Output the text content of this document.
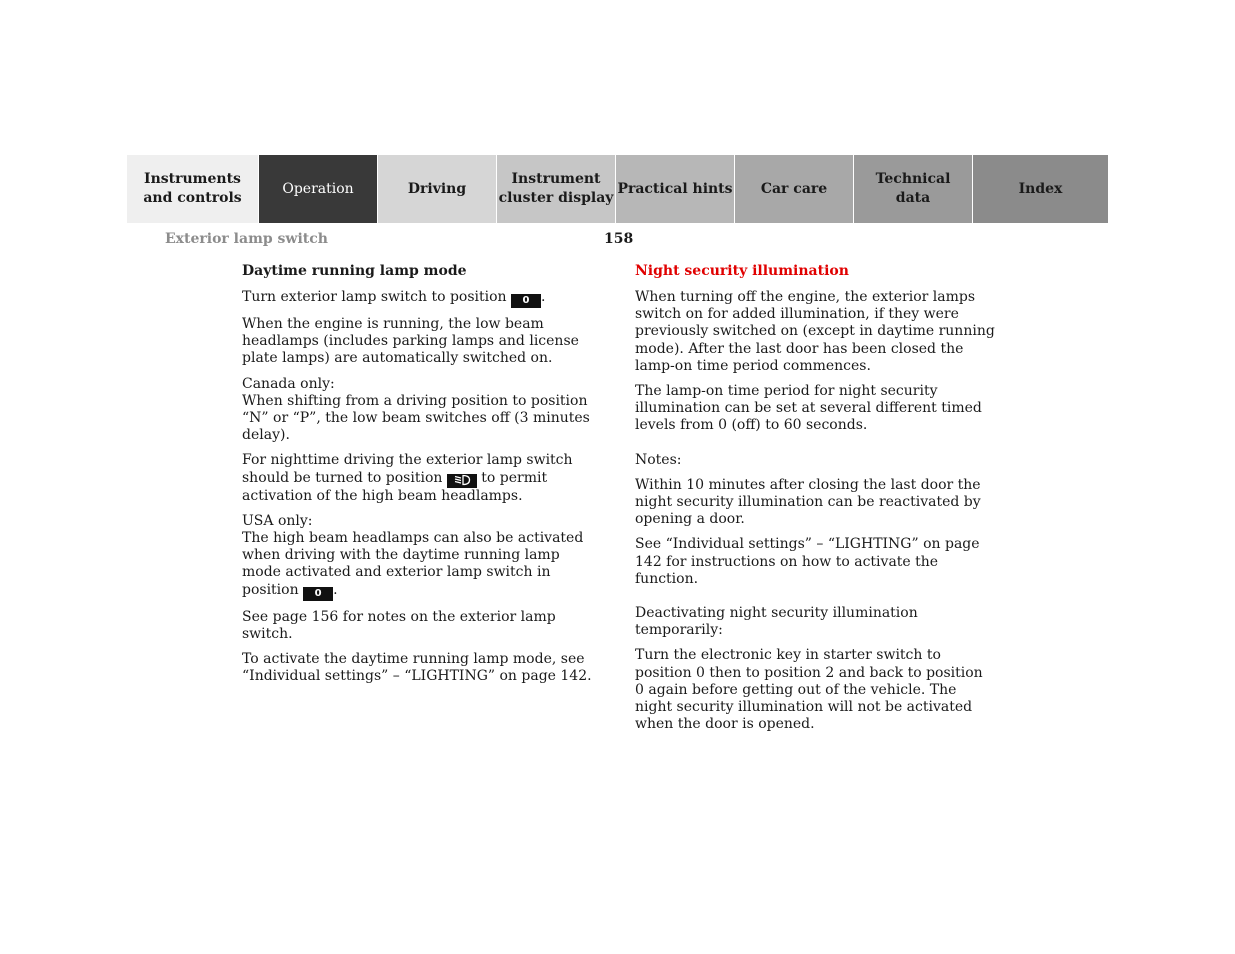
Instruments
and controls
Operation	Driving
Instrument
cluster display
Practical hints Car care
Technical
data
Index
Exterior lamp switch	158
Daytime running lamp mode

Turn exterior lamp switch to position 0 .

When the engine is running, the low beam headlamps (includes parking lamps and license plate lamps) are automatically switched on.

Canada only:
When shifting from a driving position to position “N” or “P”, the low beam switches off (3 minutes delay).

For nighttime driving the exterior lamp switch should be turned to position	to permit activation of the high beam headlamps.

USA only:
The high beam headlamps can also be activated when driving with the daytime running lamp mode activated and exterior lamp switch in position 0 .

See page 156 for notes on the exterior lamp switch.

To activate the daytime running lamp mode, see “Individual settings” – “LIGHTING” on page 142.

Night security illumination

When turning off the engine, the exterior lamps switch on for added illumination, if they were previously switched on (except in daytime running mode). After the last door has been closed the lamp-on time period commences.

The lamp-on time period for night security illumination can be set at several different timed levels from 0 (off) to 60 seconds.

Notes:

Within 10 minutes after closing the last door the night security illumination can be reactivated by opening a door.

See “Individual settings” – “LIGHTING” on page 142 for instructions on how to activate the function.

Deactivating night security illumination temporarily:

Turn the electronic key in starter switch to position 0 then to position 2 and back to position 0 again before getting out of the vehicle. The night security illumination will not be activated when the door is opened.
